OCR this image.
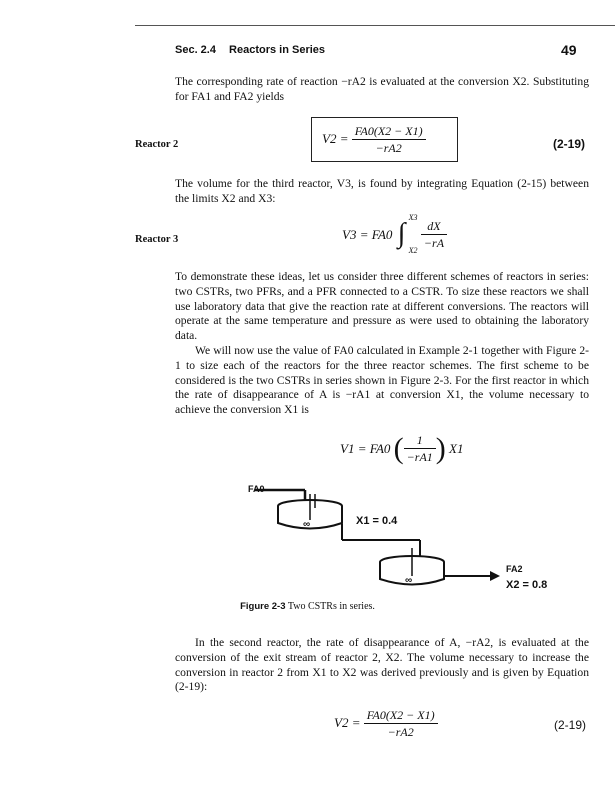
Sec. 2.4 Reactors in Series	49
The corresponding rate of reaction −rA2 is evaluated at the conversion X2. Substituting for FA1 and FA2 yields
Reactor 2	$V2 = \frac{FA0(X2 - X1)}{-rA2}$	(2-19)
The volume for the third reactor, V3, is found by integrating Equation (2-15) between the limits X2 and X3:
Reactor 3	V3 = FA0 ∫
X3
X2
$\frac{dX}{-rA}$
To demonstrate these ideas, let us consider three different schemes of reactors in series: two CSTRs, two PFRs, and a PFR connected to a CSTR. To size these reactors we shall use laboratory data that give the reaction rate at different conversions. The reactors will operate at the same temperature and pressure as were used to obtaining the laboratory data.
We will now use the value of FA0 calculated in Example 2-1 together with Figure 2-1 to size each of the reactors for the three reactor schemes. The first scheme to be considered is the two CSTRs in series shown in Figure 2-3. For the first reactor in which the rate of disappearance of A is −rA1 at conversion X1, the volume necessary to achieve the conversion X1 is
V1 = FA0 ( $\frac{1}{-rA1}$ ) X1
∞
∞
FA0
X1 = 0.4
FA2
X2 = 0.8
Figure 2-3 Two CSTRs in series.
In the second reactor, the rate of disappearance of A, −rA2, is evaluated at the conversion of the exit stream of reactor 2, X2. The volume necessary to increase the conversion in reactor 2 from X1 to X2 was derived previously and is given by Equation (2-19):
$V2 = \frac{FA0(X2 - X1)}{-rA2}$	(2-19)
